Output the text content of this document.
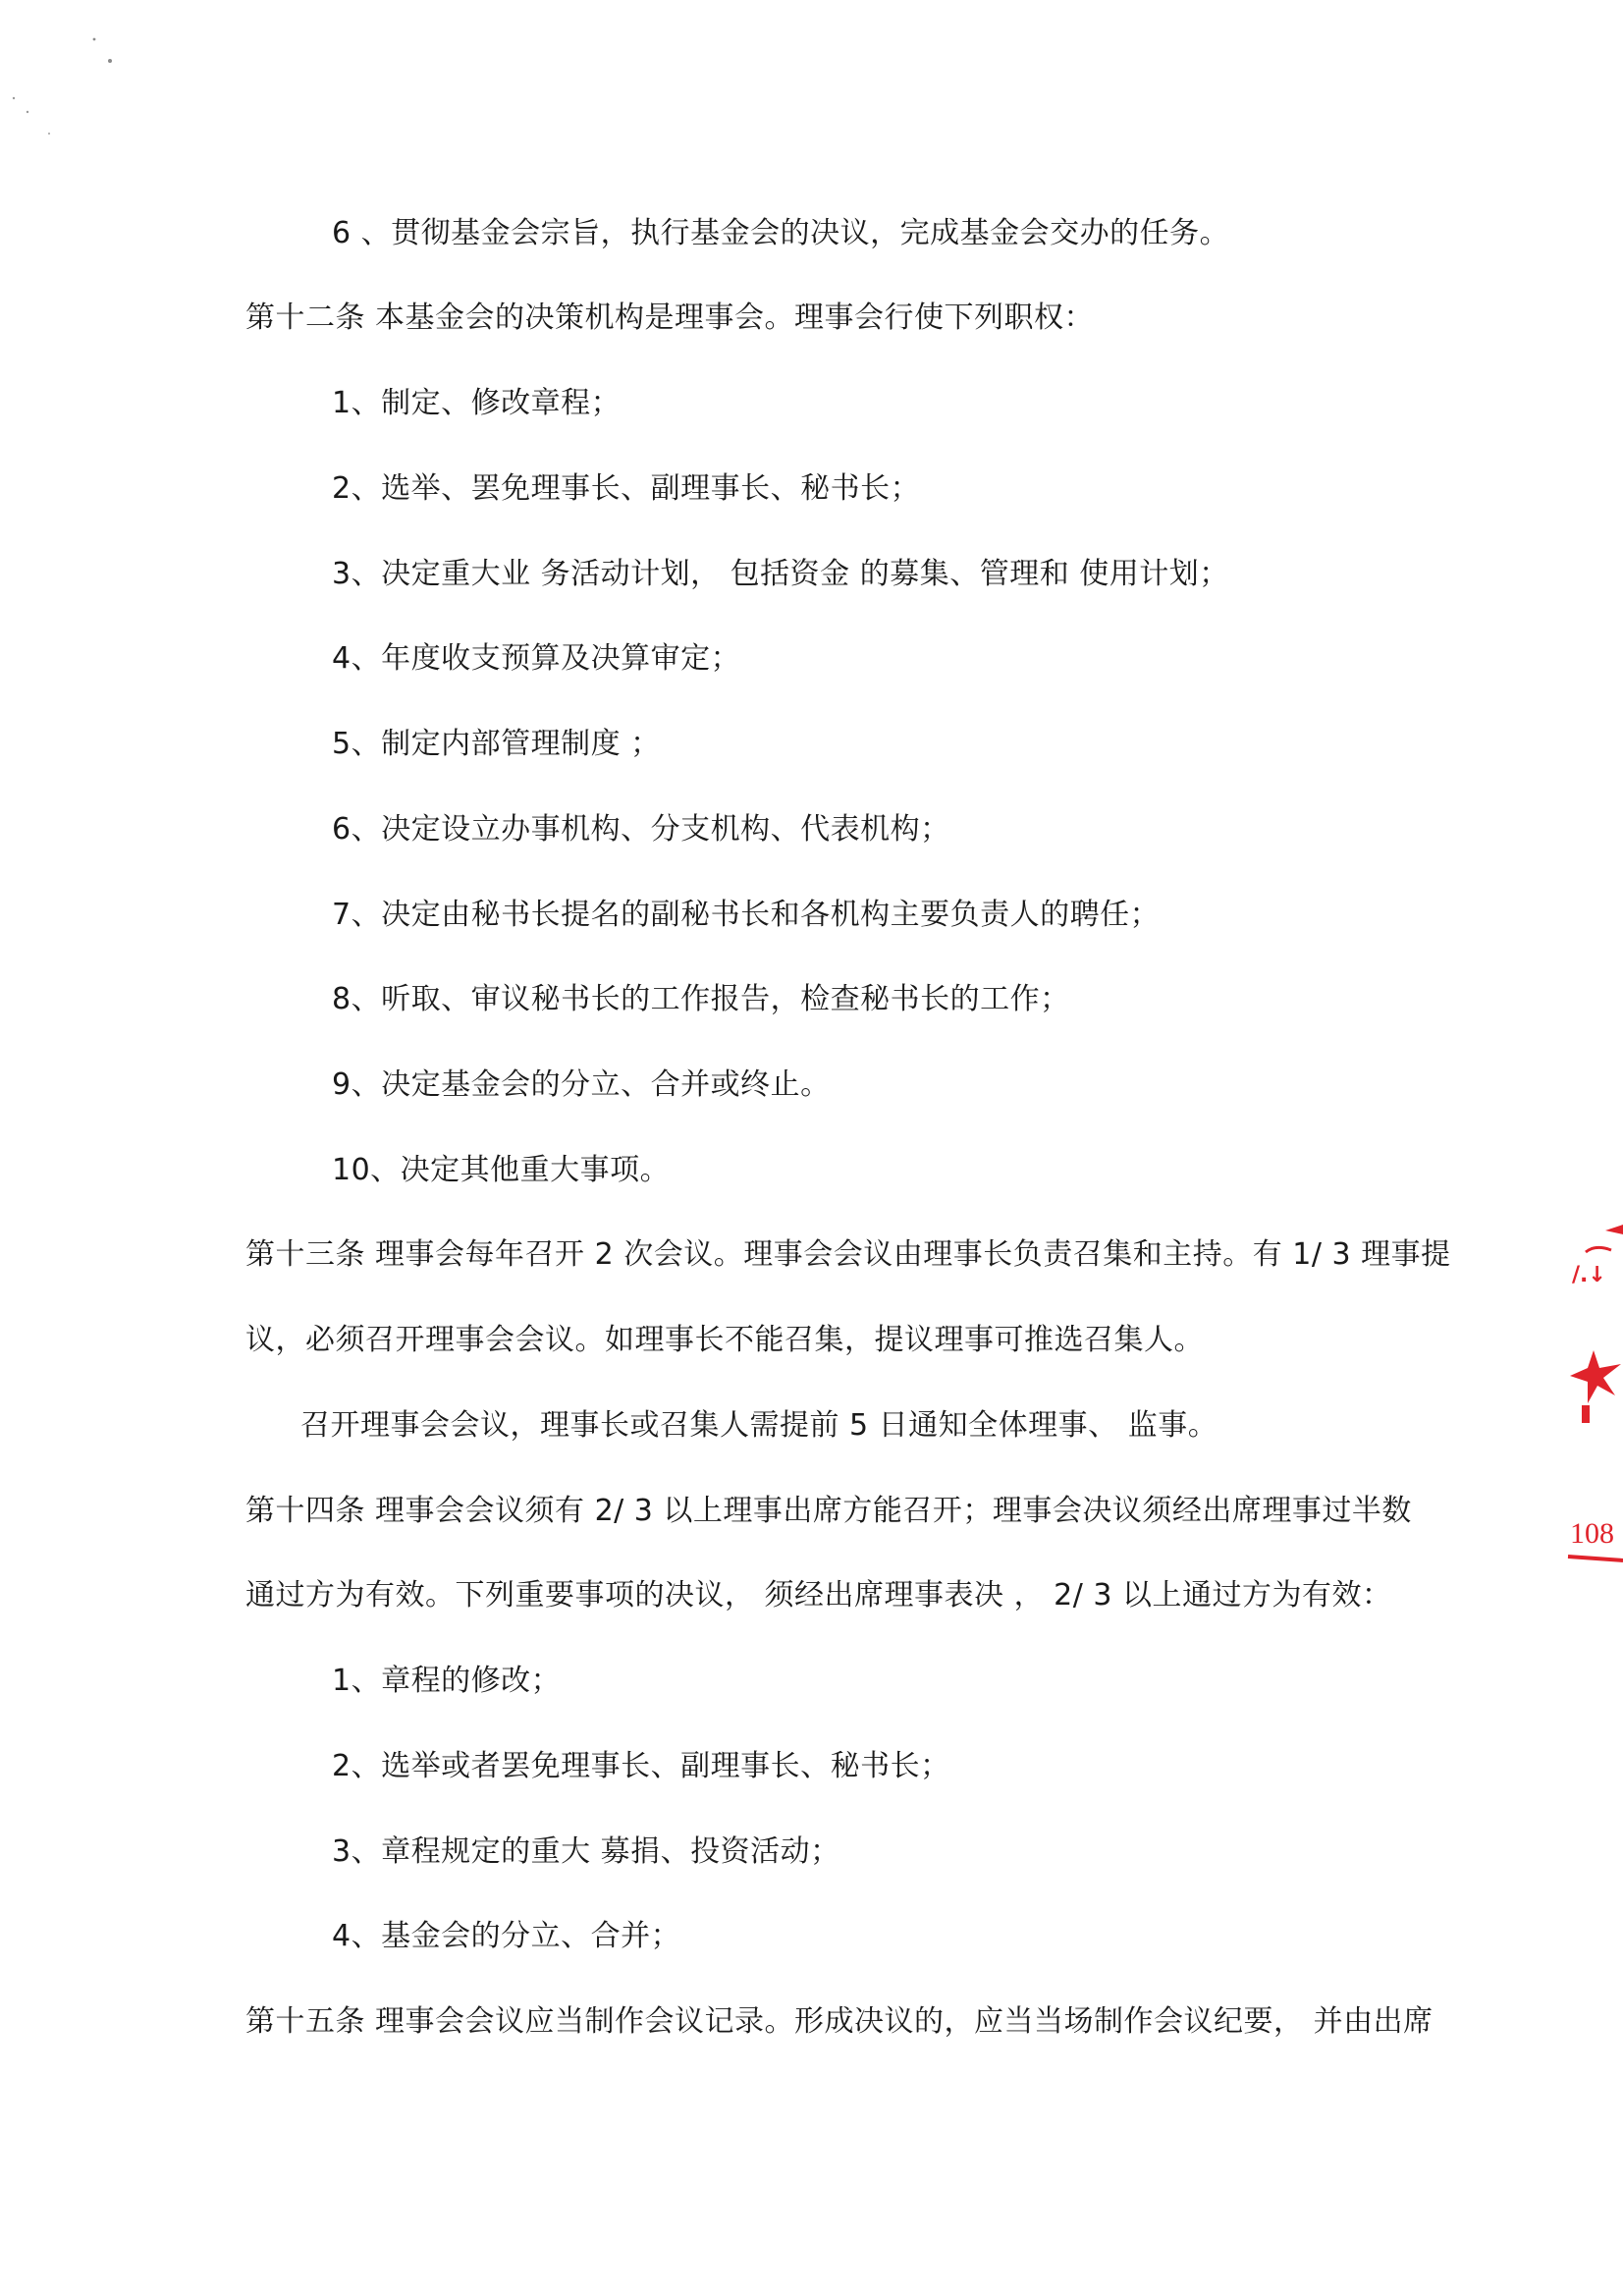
6 、贯彻基金会宗旨，执行基金会的决议，完成基金会交办的任务。
第十二条 本基金会的决策机构是理事会。理事会行使下列职权：
1、制定、修改章程；
2、选举、罢免理事长、副理事长、秘书长；
3、决定重大业 务活动计划， 包括资金 的募集、管理和 使用计划；
4、年度收支预算及决算审定；
5、制定内部管理制度 ；
6、决定设立办事机构、分支机构、代表机构；
7、决定由秘书长提名的副秘书长和各机构主要负责人的聘任；
8、听取、审议秘书长的工作报告，检查秘书长的工作；
9、决定基金会的分立、合并或终止。
10、决定其他重大事项。
第十三条 理事会每年召开 2 次会议。理事会会议由理事长负责召集和主持。有 1/ 3 理事提
议，必须召开理事会会议。如理事长不能召集，提议理事可推选召集人。
召开理事会会议，理事长或召集人需提前 5 日通知全体理事、 监事。
第十四条 理事会会议须有 2/ 3 以上理事出席方能召开；理事会决议须经出席理事过半数
通过方为有效。下列重要事项的决议， 须经出席理事表决 ， 2/ 3 以上通过方为有效：
1、章程的修改；
2、选举或者罢免理事长、副理事长、秘书长；
3、章程规定的重大 募捐、投资活动；
4、基金会的分立、合并；
第十五条 理事会会议应当制作会议记录。形成决议的，应当当场制作会议纪要， 并由出席
/.↓
108
